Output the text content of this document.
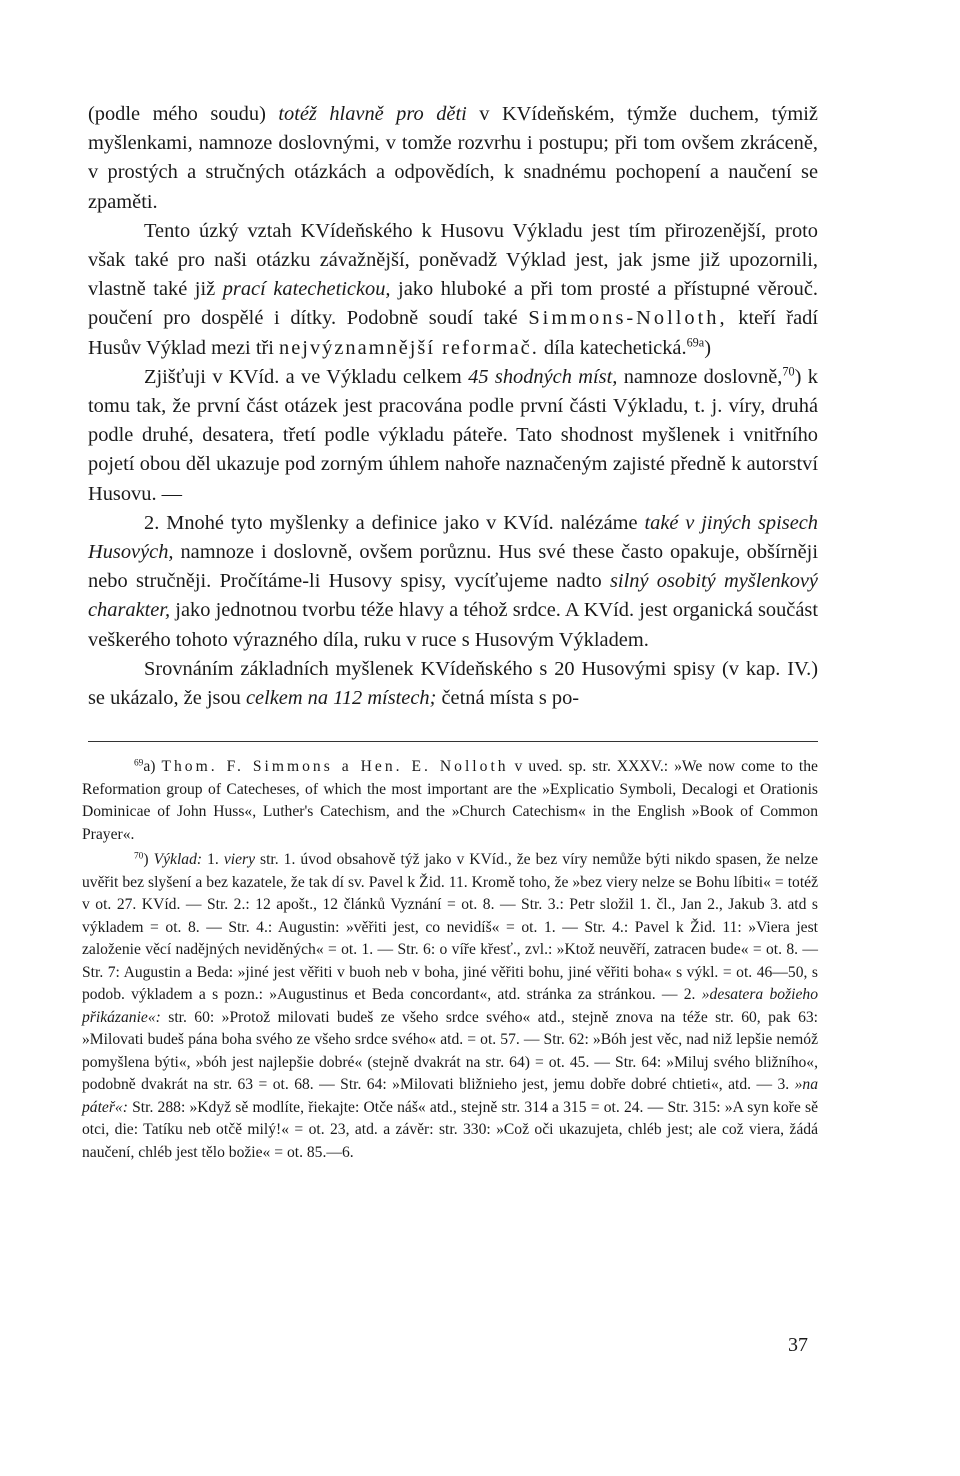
(podle mého soudu) totéž hlavně pro děti v KVídeňském, týmže duchem, týmiž myšlenkami, namnoze doslovnými, v tomže rozvrhu i postupu; při tom ovšem zkráceně, v prostých a stručných otázkách a odpovědích, k snadnému pochopení a naučení se zpaměti.

Tento úzký vztah KVídeňského k Husovu Výkladu jest tím přirozenější, proto však také pro naši otázku závažnější, poněvadž Výklad jest, jak jsme již upozornili, vlastně také již prací katechetickou, jako hluboké a při tom prosté a přístupné věrouč. poučení pro dospělé i dítky. Podobně soudí také Simmons-Nolloth, kteří řadí Husův Výklad mezi tři nejvýznamnější reformač. díla katechetická.$^{69a}$)

Zjišťuji v KVíd. a ve Výkladu celkem 45 shodných míst, namnoze doslovně,$^{70}$) k tomu tak, že první část otázek jest pracována podle první části Výkladu, t. j. víry, druhá podle druhé, desatera, třetí podle výkladu páteře. Tato shodnost myšlenek i vnitřního pojetí obou děl ukazuje pod zorným úhlem nahoře naznačeným zajisté předně k autorství Husovu. —

2. Mnohé tyto myšlenky a definice jako v KVíd. nalézáme také v jiných spisech Husových, namnoze i doslovně, ovšem porůznu. Hus své these často opakuje, obšírněji nebo stručněji. Pročítáme-li Husovy spisy, vycíťujeme nadto silný osobitý myšlenkový charakter, jako jednotnou tvorbu téže hlavy a téhož srdce. A KVíd. jest organická součást veškerého tohoto výrazného díla, ruku v ruce s Husovým Výkladem.

Srovnáním základních myšlenek KVídeňského s 20 Husovými spisy (v kap. IV.) se ukázalo, že jsou celkem na 112 místech; četná místa s po-

$^{69}$a) Thom. F. Simmons a Hen. E. Nolloth v uved. sp. str. XXXV.: »We now come to the Reformation group of Catecheses, of which the most important are the »Explicatio Symboli, Decalogi et Orationis Dominicae of John Huss«, Luther's Catechism, and the »Church Catechism« in the English »Book of Common Prayer«.

$^{70}$) Výklad: 1. viery str. 1. úvod obsahově týž jako v KVíd., že bez víry nemůže býti nikdo spasen, že nelze uvěřit bez slyšení a bez kazatele, že tak dí sv. Pavel k Žid. 11. Kromě toho, že »bez viery nelze se Bohu líbiti« = totéž v ot. 27. KVíd. — Str. 2.: 12 apošt., 12 článků Vyznání = ot. 8. — Str. 3.: Petr složil 1. čl., Jan 2., Jakub 3. atd s výkladem = ot. 8. — Str. 4.: Augustin: »věřiti jest, co nevidíš« = ot. 1. — Str. 4.: Pavel k Žid. 11: »Viera jest založenie věcí nadějných neviděných« = ot. 1. — Str. 6: o víře křesť., zvl.: »Ktož neuvěří, zatracen bude« = ot. 8. — Str. 7: Augustin a Beda: »jiné jest věřiti v buoh neb v boha, jiné věřiti bohu, jiné věřiti boha« s výkl. = ot. 46—50, s podob. výkladem a s pozn.: »Augustinus et Beda concordant«, atd. stránka za stránkou. — 2. »desatera božieho přikázanie«: str. 60: »Protož milovati budeš ze všeho srdce svého« atd., stejně znova na téže str. 60, pak 63: »Milovati budeš pána boha svého ze všeho srdce svého« atd. = ot. 57. — Str. 62: »Bóh jest věc, nad niž lepšie nemóž pomyšlena býti«, »bóh jest najlepšie dobré« (stejně dvakrát na str. 64) = ot. 45. — Str. 64: »Miluj svého bližního«, podobně dvakrát na str. 63 = ot. 68. — Str. 64: »Milovati bližnieho jest, jemu dobře dobré chtieti«, atd. — 3. »na páteř«: Str. 288: »Když sě modlíte, řiekajte: Otče náš« atd., stejně str. 314 a 315 = ot. 24. — Str. 315: »A syn koře sě otci, die: Tatíku neb otčě milý!« = ot. 23, atd. a závěr: str. 330: »Což oči ukazujeta, chléb jest; ale což viera, žádá naučení, chléb jest tělo božie« = ot. 85.—6.

37
